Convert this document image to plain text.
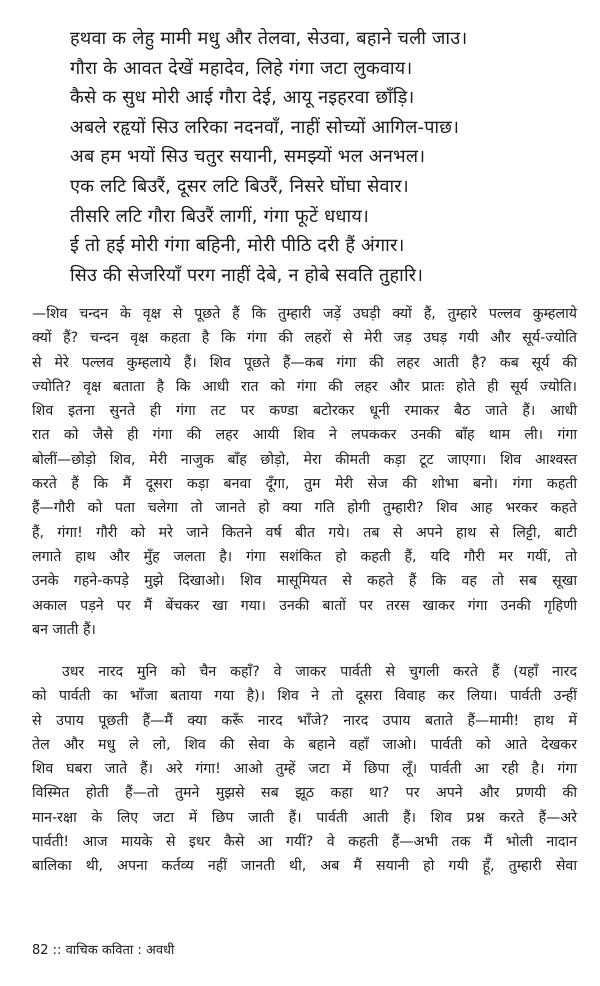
हथवा क लेहु मामी मधु और तेलवा, सेउवा, बहाने चली जाउ।
गौरा के आवत देखें महादेव, लिहे गंगा जटा लुकवाय।
कैसे क सुध मोरी आई गौरा देई, आयू नइहरवा छाँड़ि।
अबले रहृयों सिउ लरिका नदनवाँ, नाहीं सोच्यों आगिल-पाछ।
अब हम भयों सिउ चतुर सयानी, समझ्यों भल अनभल।
एक लटि बिउरैं, दूसर लटि बिउरैं, निसरे घोंघा सेवार।
तीसरि लटि गौरा बिउरैं लागीं, गंगा फूटें धधाय।
ई तो हई मोरी गंगा बहिनी, मोरी पीठि दरी हैं अंगार।
सिउ की सेजरियाँ परग नाहीं देबे, न होबे सवति तुहारि।
—शिव चन्दन के वृक्ष से पूछते हैं कि तुम्हारी जड़ें उघड़ी क्यों हैं, तुम्हारे पल्लव कुम्हलाये
क्यों हैं? चन्दन वृक्ष कहता है कि गंगा की लहरों से मेरी जड़ उघड़ गयी और सूर्य-ज्योति
से मेरे पल्लव कुम्हलाये हैं। शिव पूछते हैं—कब गंगा की लहर आती है? कब सूर्य की
ज्योति? वृक्ष बताता है कि आधी रात को गंगा की लहर और प्रातः होते ही सूर्य ज्योति।
शिव इतना सुनते ही गंगा तट पर कण्डा बटोरकर धूनी रमाकर बैठ जाते हैं। आधी
रात को जैसे ही गंगा की लहर आयी शिव ने लपककर उनकी बाँह थाम ली। गंगा
बोलीं—छोड़ो शिव, मेरी नाजुक बाँह छोड़ो, मेरा कीमती कड़ा टूट जाएगा। शिव आश्वस्त
करते हैं कि मैं दूसरा कड़ा बनवा दूँगा, तुम मेरी सेज की शोभा बनो। गंगा कहती
हैं—गौरी को पता चलेगा तो जानते हो क्या गति होगी तुम्हारी? शिव आह भरकर कहते
हैं, गंगा! गौरी को मरे जाने कितने वर्ष बीत गये। तब से अपने हाथ से लिट्टी, बाटी
लगाते हाथ और मुँह जलता है। गंगा सशंकित हो कहती हैं, यदि गौरी मर गयीं, तो
उनके गहने-कपड़े मुझे दिखाओ। शिव मासूमियत से कहते हैं कि वह तो सब सूखा
अकाल पड़ने पर मैं बेंचकर खा गया। उनकी बातों पर तरस खाकर गंगा उनकी गृहिणी
बन जाती हैं।
उधर नारद मुनि को चैन कहाँ? वे जाकर पार्वती से चुगली करते हैं (यहाँ नारद
को पार्वती का भाँजा बताया गया है)। शिव ने तो दूसरा विवाह कर लिया। पार्वती उन्हीं
से उपाय पूछती हैं—मैं क्या करूँ नारद भाँजे? नारद उपाय बताते हैं—मामी! हाथ में
तेल और मधु ले लो, शिव की सेवा के बहाने वहाँ जाओ। पार्वती को आते देखकर
शिव घबरा जाते हैं। अरे गंगा! आओ तुम्हें जटा में छिपा लूँ। पार्वती आ रही है। गंगा
विस्मित होती हैं—तो तुमने मुझसे सब झूठ कहा था? पर अपने और प्रणयी की
मान-रक्षा के लिए जटा में छिप जाती हैं। पार्वती आती हैं। शिव प्रश्न करते हैं—अरे
पार्वती! आज मायके से इधर कैसे आ गयीं? वे कहती हैं—अभी तक मैं भोली नादान
बालिका थी, अपना कर्तव्य नहीं जानती थी, अब मैं सयानी हो गयी हूँ, तुम्हारी सेवा
82 :: वाचिक कविता : अवधी
